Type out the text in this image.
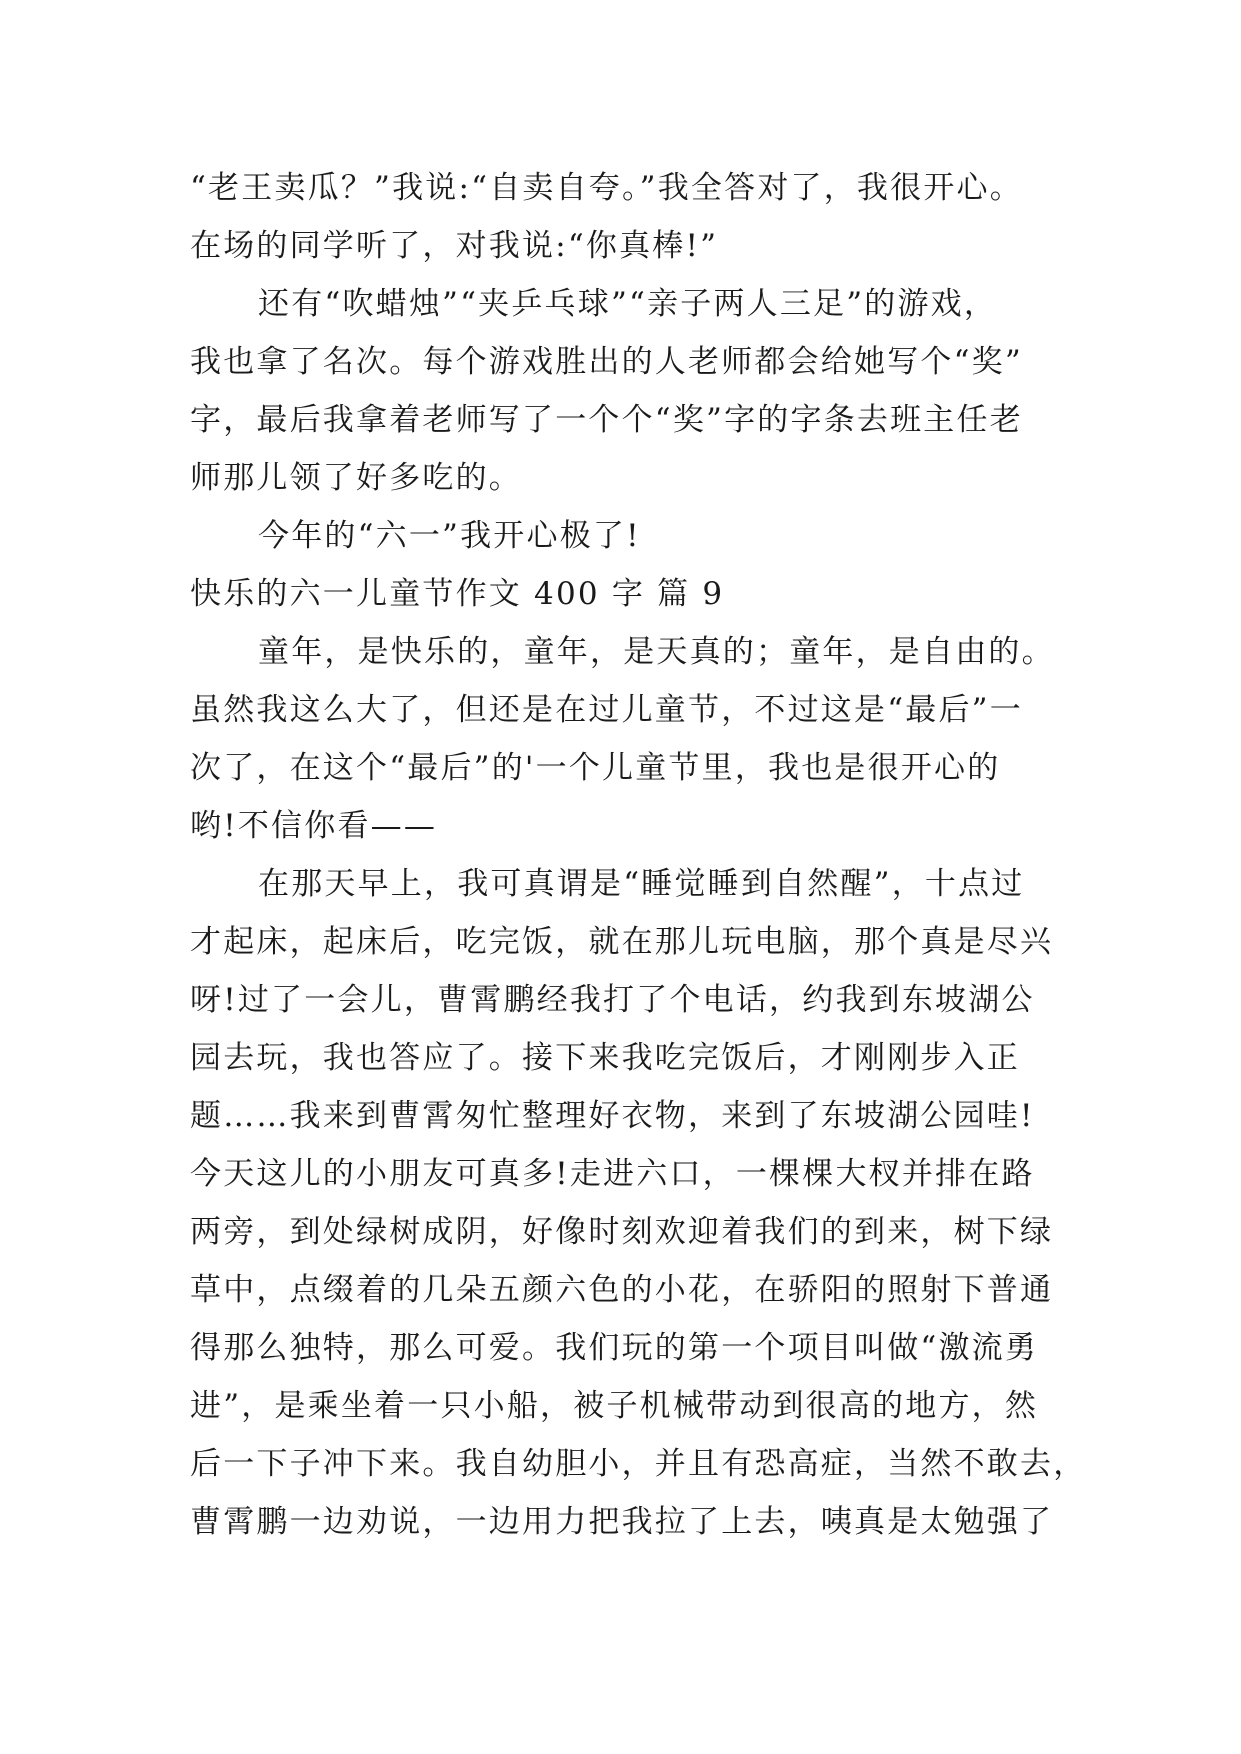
“老王卖瓜？”我说:“自卖自夸。”我全答对了，我很开心。
在场的同学听了，对我说:“你真棒!”
还有“吹蜡烛”“夹乒乓球”“亲子两人三足”的游戏，
我也拿了名次。每个游戏胜出的人老师都会给她写个“奖”
字，最后我拿着老师写了一个个“奖”字的字条去班主任老
师那儿领了好多吃的。
今年的“六一”我开心极了!
快乐的六一儿童节作文 400 字 篇 9
童年，是快乐的，童年，是天真的；童年，是自由的。
虽然我这么大了，但还是在过儿童节，不过这是“最后”一
次了，在这个“最后”的'一个儿童节里，我也是很开心的
哟!不信你看——
在那天早上，我可真谓是“睡觉睡到自然醒”，十点过
才起床，起床后，吃完饭，就在那儿玩电脑，那个真是尽兴
呀!过了一会儿，曹霄鹏经我打了个电话，约我到东坡湖公
园去玩，我也答应了。接下来我吃完饭后，才刚刚步入正
题……我来到曹霄匆忙整理好衣物，来到了东坡湖公园哇!
今天这儿的小朋友可真多!走进六口，一棵棵大杈并排在路
两旁，到处绿树成阴，好像时刻欢迎着我们的到来，树下绿
草中，点缀着的几朵五颜六色的小花，在骄阳的照射下普通
得那么独特，那么可爱。我们玩的第一个项目叫做“激流勇
进”，是乘坐着一只小船，被子机械带动到很高的地方，然
后一下子冲下来。我自幼胆小，并且有恐高症，当然不敢去，
曹霄鹏一边劝说，一边用力把我拉了上去，咦真是太勉强了
